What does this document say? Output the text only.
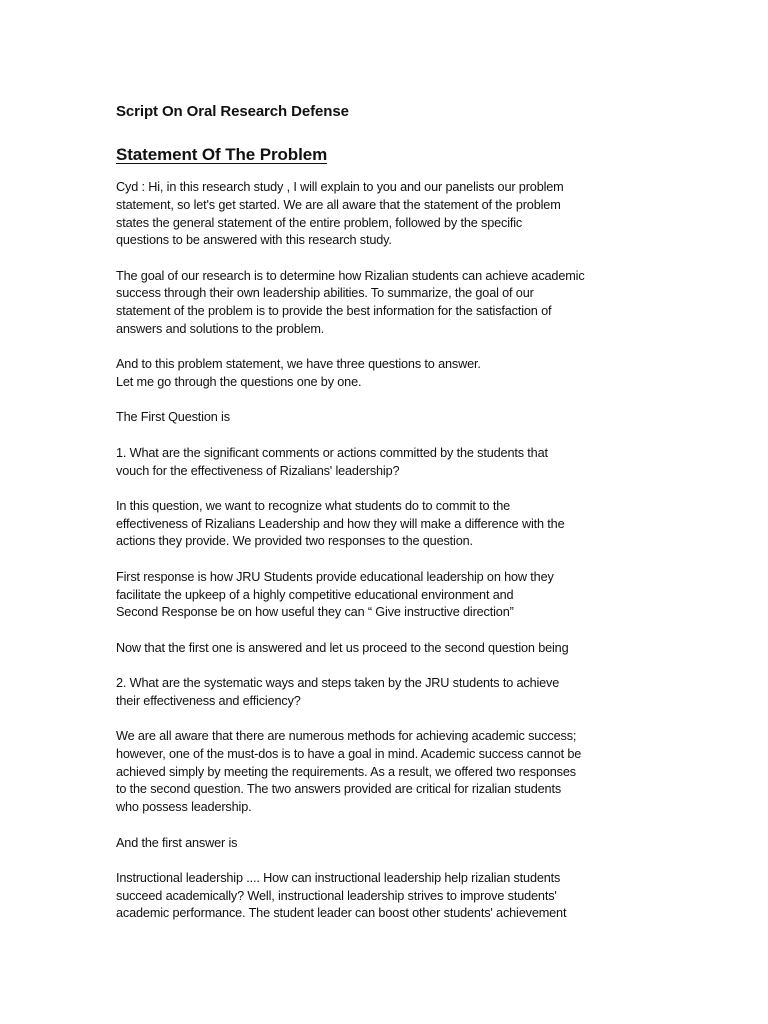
Script On Oral Research Defense
Statement Of The Problem
Cyd : Hi, in this research study , I will explain to you and our panelists our problem
statement, so let's get started. We are all aware that the statement of the problem
states the general statement of the entire problem, followed by the specific
questions to be answered with this research study.
The goal of our research is to determine how Rizalian students can achieve academic
success through their own leadership abilities. To summarize, the goal of our
statement of the problem is to provide the best information for the satisfaction of
answers and solutions to the problem.
And to this problem statement, we have three questions to answer.
Let me go through the questions one by one.
The First Question is
1. What are the significant comments or actions committed by the students that
vouch for the effectiveness of Rizalians' leadership?
In this question, we want to recognize what students do to commit to the
effectiveness of Rizalians Leadership and how they will make a difference with the
actions they provide. We provided two responses to the question.
First response is how JRU Students provide educational leadership on how they
facilitate the upkeep of a highly competitive educational environment and
Second Response be on how useful they can “ Give instructive direction”
Now that the first one is answered and let us proceed to the second question being
2. What are the systematic ways and steps taken by the JRU students to achieve
their effectiveness and efficiency?
We are all aware that there are numerous methods for achieving academic success;
however, one of the must-dos is to have a goal in mind. Academic success cannot be
achieved simply by meeting the requirements. As a result, we offered two responses
to the second question. The two answers provided are critical for rizalian students
who possess leadership.
And the first answer is
Instructional leadership .... How can instructional leadership help rizalian students
succeed academically? Well, instructional leadership strives to improve students'
academic performance. The student leader can boost other students' achievement
